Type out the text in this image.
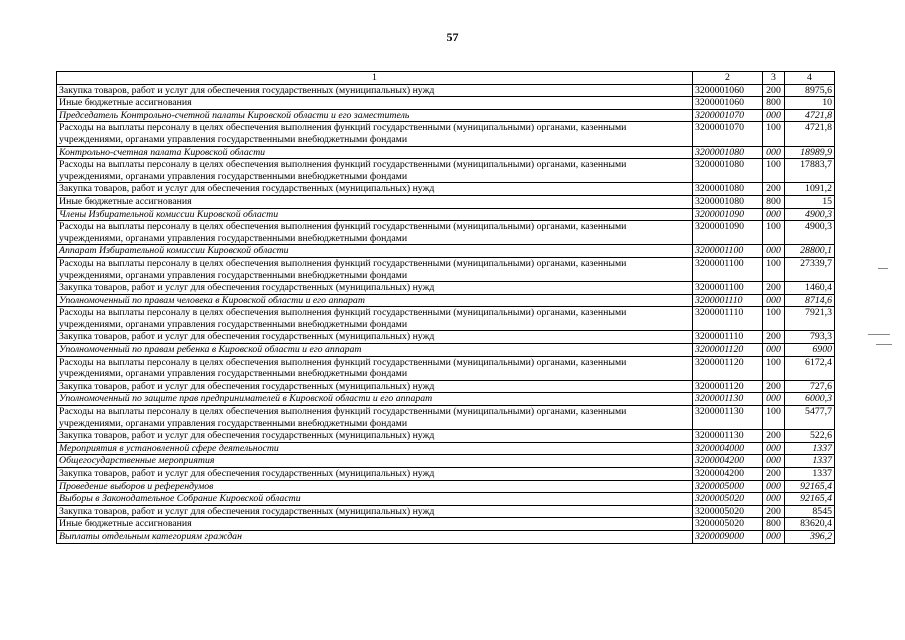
57
1	2	3	4
Закупка товаров, работ и услуг для обеспечения государственных (муниципальных) нужд	3200001060	200	8975,6
Иные бюджетные ассигнования	3200001060	800	10
Председатель Контрольно-счетной палаты Кировской области и его заместитель	3200001070	000	4721,8
Расходы на выплаты персоналу в целях обеспечения выполнения функций государственными (муниципальными) органами, казенными учреждениями, органами управления государственными внебюджетными фондами	3200001070	100	4721,8
Контрольно-счетная палата Кировской области	3200001080	000	18989,9
Расходы на выплаты персоналу в целях обеспечения выполнения функций государственными (муниципальными) органами, казенными учреждениями, органами управления государственными внебюджетными фондами	3200001080	100	17883,7
Закупка товаров, работ и услуг для обеспечения государственных (муниципальных) нужд	3200001080	200	1091,2
Иные бюджетные ассигнования	3200001080	800	15
Члены Избирательной комиссии Кировской области	3200001090	000	4900,3
Расходы на выплаты персоналу в целях обеспечения выполнения функций государственными (муниципальными) органами, казенными учреждениями, органами управления государственными внебюджетными фондами	3200001090	100	4900,3
Аппарат Избирательной комиссии Кировской области	3200001100	000	28800,1
Расходы на выплаты персоналу в целях обеспечения выполнения функций государственными (муниципальными) органами, казенными учреждениями, органами управления государственными внебюджетными фондами	3200001100	100	27339,7
Закупка товаров, работ и услуг для обеспечения государственных (муниципальных) нужд	3200001100	200	1460,4
Уполномоченный по правам человека в Кировской области и его аппарат	3200001110	000	8714,6
Расходы на выплаты персоналу в целях обеспечения выполнения функций государственными (муниципальными) органами, казенными учреждениями, органами управления государственными внебюджетными фондами	3200001110	100	7921,3
Закупка товаров, работ и услуг для обеспечения государственных (муниципальных) нужд	3200001110	200	793,3
Уполномоченный по правам ребенка в Кировской области и его аппарат	3200001120	000	6900
Расходы на выплаты персоналу в целях обеспечения выполнения функций государственными (муниципальными) органами, казенными учреждениями, органами управления государственными внебюджетными фондами	3200001120	100	6172,4
Закупка товаров, работ и услуг для обеспечения государственных (муниципальных) нужд	3200001120	200	727,6
Уполномоченный по защите прав предпринимателей в Кировской области и его аппарат	3200001130	000	6000,3
Расходы на выплаты персоналу в целях обеспечения выполнения функций государственными (муниципальными) органами, казенными учреждениями, органами управления государственными внебюджетными фондами	3200001130	100	5477,7
Закупка товаров, работ и услуг для обеспечения государственных (муниципальных) нужд	3200001130	200	522,6
Мероприятия в установленной сфере деятельности	3200004000	000	1337
Общегосударственные мероприятия	3200004200	000	1337
Закупка товаров, работ и услуг для обеспечения государственных (муниципальных) нужд	3200004200	200	1337
Проведение выборов и референдумов	3200005000	000	92165,4
Выборы в Законодательное Собрание Кировской области	3200005020	000	92165,4
Закупка товаров, работ и услуг для обеспечения государственных (муниципальных) нужд	3200005020	200	8545
Иные бюджетные ассигнования	3200005020	800	83620,4
Выплаты отдельным категориям граждан	3200009000	000	396,2
